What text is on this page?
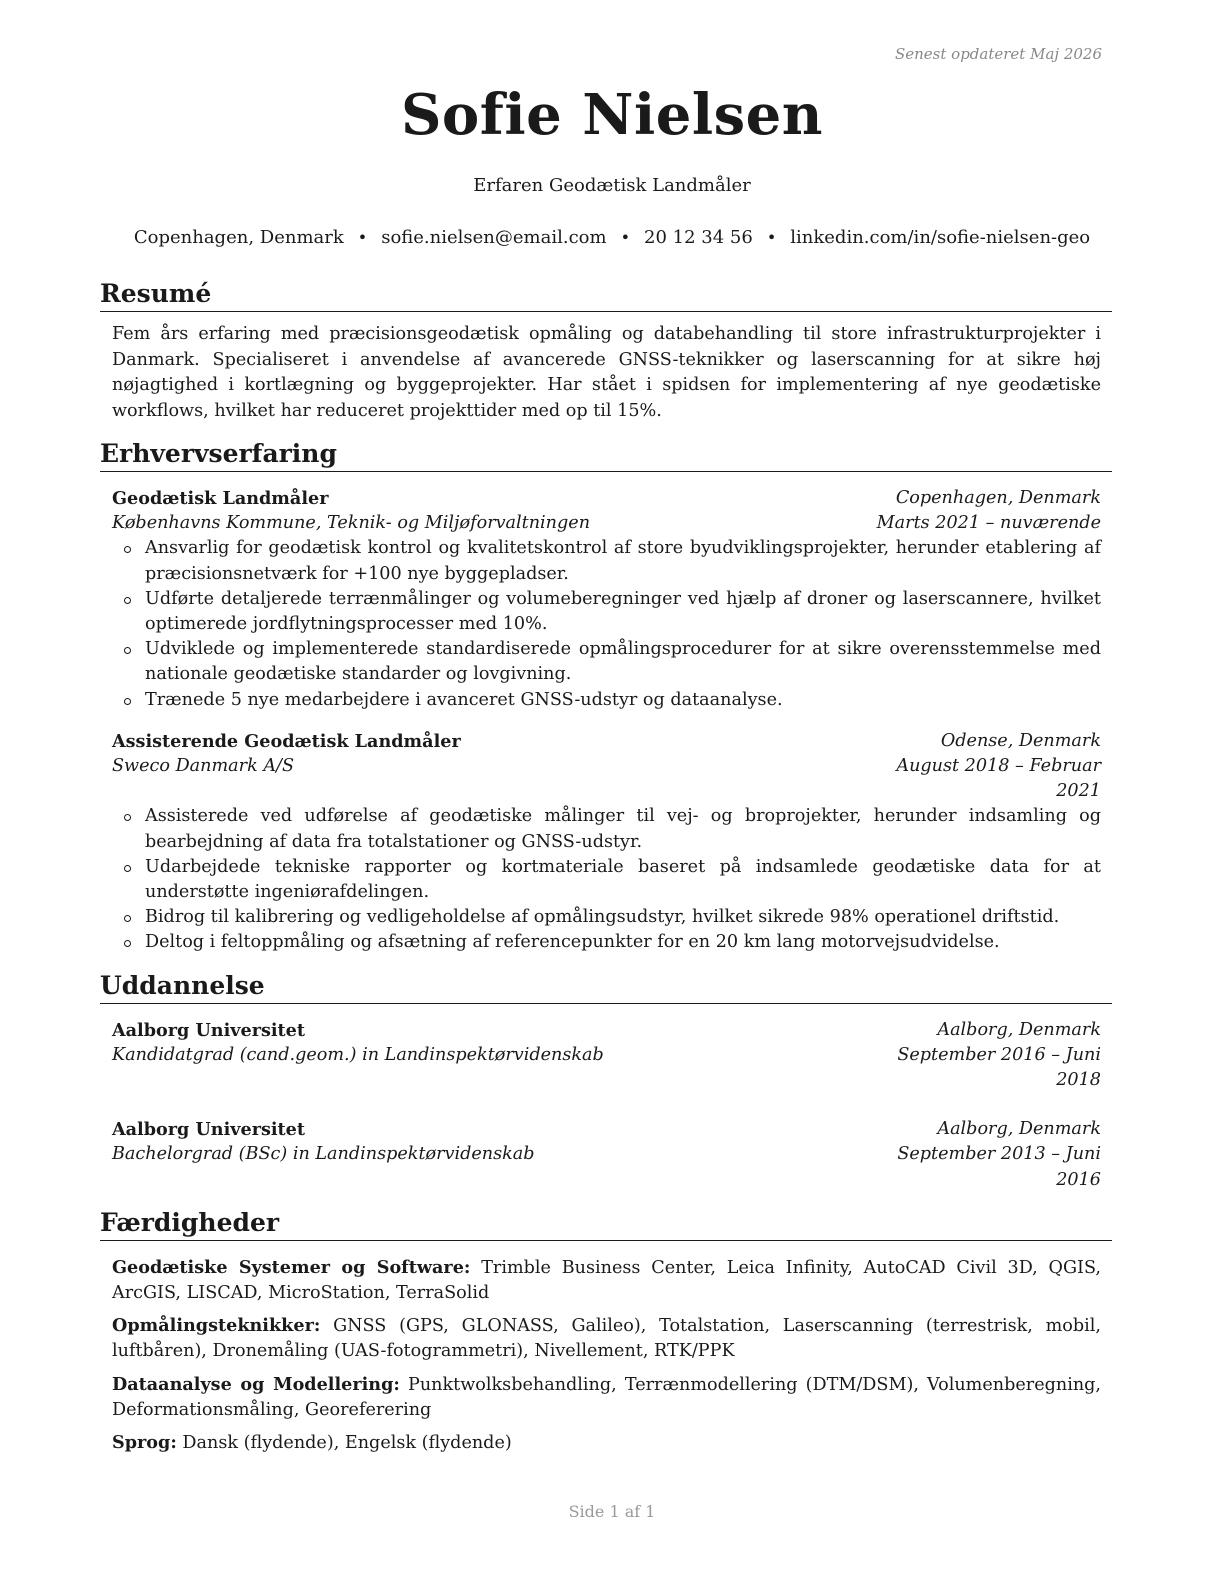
Senest opdateret Maj 2026
Sofie Nielsen
Erfaren Geodætisk Landmåler
Copenhagen, Denmark • sofie.nielsen@email.com • 20 12 34 56 • linkedin.com/in/sofie-nielsen-geo
Resumé
Fem års erfaring med præcisionsgeodætisk opmåling og databehandling til store infrastrukturprojekter i Danmark. Specialiseret i anvendelse af avancerede GNSS-teknikker og laserscanning for at sikre høj nøjagtighed i kortlægning og byggeprojekter. Har stået i spidsen for implementering af nye geodætiske workflows, hvilket har reduceret projekttider med op til 15%.
Erhvervserfaring
Geodætisk Landmåler	Copenhagen, Denmark
Københavns Kommune, Teknik- og Miljøforvaltningen	Marts 2021 – nuværende
Ansvarlig for geodætisk kontrol og kvalitetskontrol af store byudviklingsprojekter, herunder etablering af præcisionsnetværk for +100 nye byggepladser.
Udførte detaljerede terrænmålinger og volumeberegninger ved hjælp af droner og laserscannere, hvilket optimerede jordflytningsprocesser med 10%.
Udviklede og implementerede standardiserede opmålingsprocedurer for at sikre overensstemmelse med nationale geodætiske standarder og lovgivning.
Trænede 5 nye medarbejdere i avanceret GNSS-udstyr og dataanalyse.
Assisterende Geodætisk Landmåler	Odense, Denmark
Sweco Danmark A/S	August 2018 – Februar 2021
Assisterede ved udførelse af geodætiske målinger til vej- og broprojekter, herunder indsamling og bearbejdning af data fra totalstationer og GNSS-udstyr.
Udarbejdede tekniske rapporter og kortmateriale baseret på indsamlede geodætiske data for at understøtte ingeniørafdelingen.
Bidrog til kalibrering og vedligeholdelse af opmålingsudstyr, hvilket sikrede 98% operationel driftstid.
Deltog i feltoppmåling og afsætning af referencepunkter for en 20 km lang motorvejsudvidelse.
Uddannelse
Aalborg Universitet	Aalborg, Denmark
Kandidatgrad (cand.geom.) in Landinspektørvidenskab	September 2016 – Juni 2018
Aalborg Universitet	Aalborg, Denmark
Bachelorgrad (BSc) in Landinspektørvidenskab	September 2013 – Juni 2016
Færdigheder
Geodætiske Systemer og Software: Trimble Business Center, Leica Infinity, AutoCAD Civil 3D, QGIS, ArcGIS, LISCAD, MicroStation, TerraSolid
Opmålingsteknikker: GNSS (GPS, GLONASS, Galileo), Totalstation, Laserscanning (terrestrisk, mobil, luftbåren), Dronemåling (UAS-fotogrammetri), Nivellement, RTK/PPK
Dataanalyse og Modellering: Punktwolksbehandling, Terrænmodellering (DTM/DSM), Volumenberegning, Deformationsmåling, Georeferering
Sprog: Dansk (flydende), Engelsk (flydende)
Side 1 af 1
